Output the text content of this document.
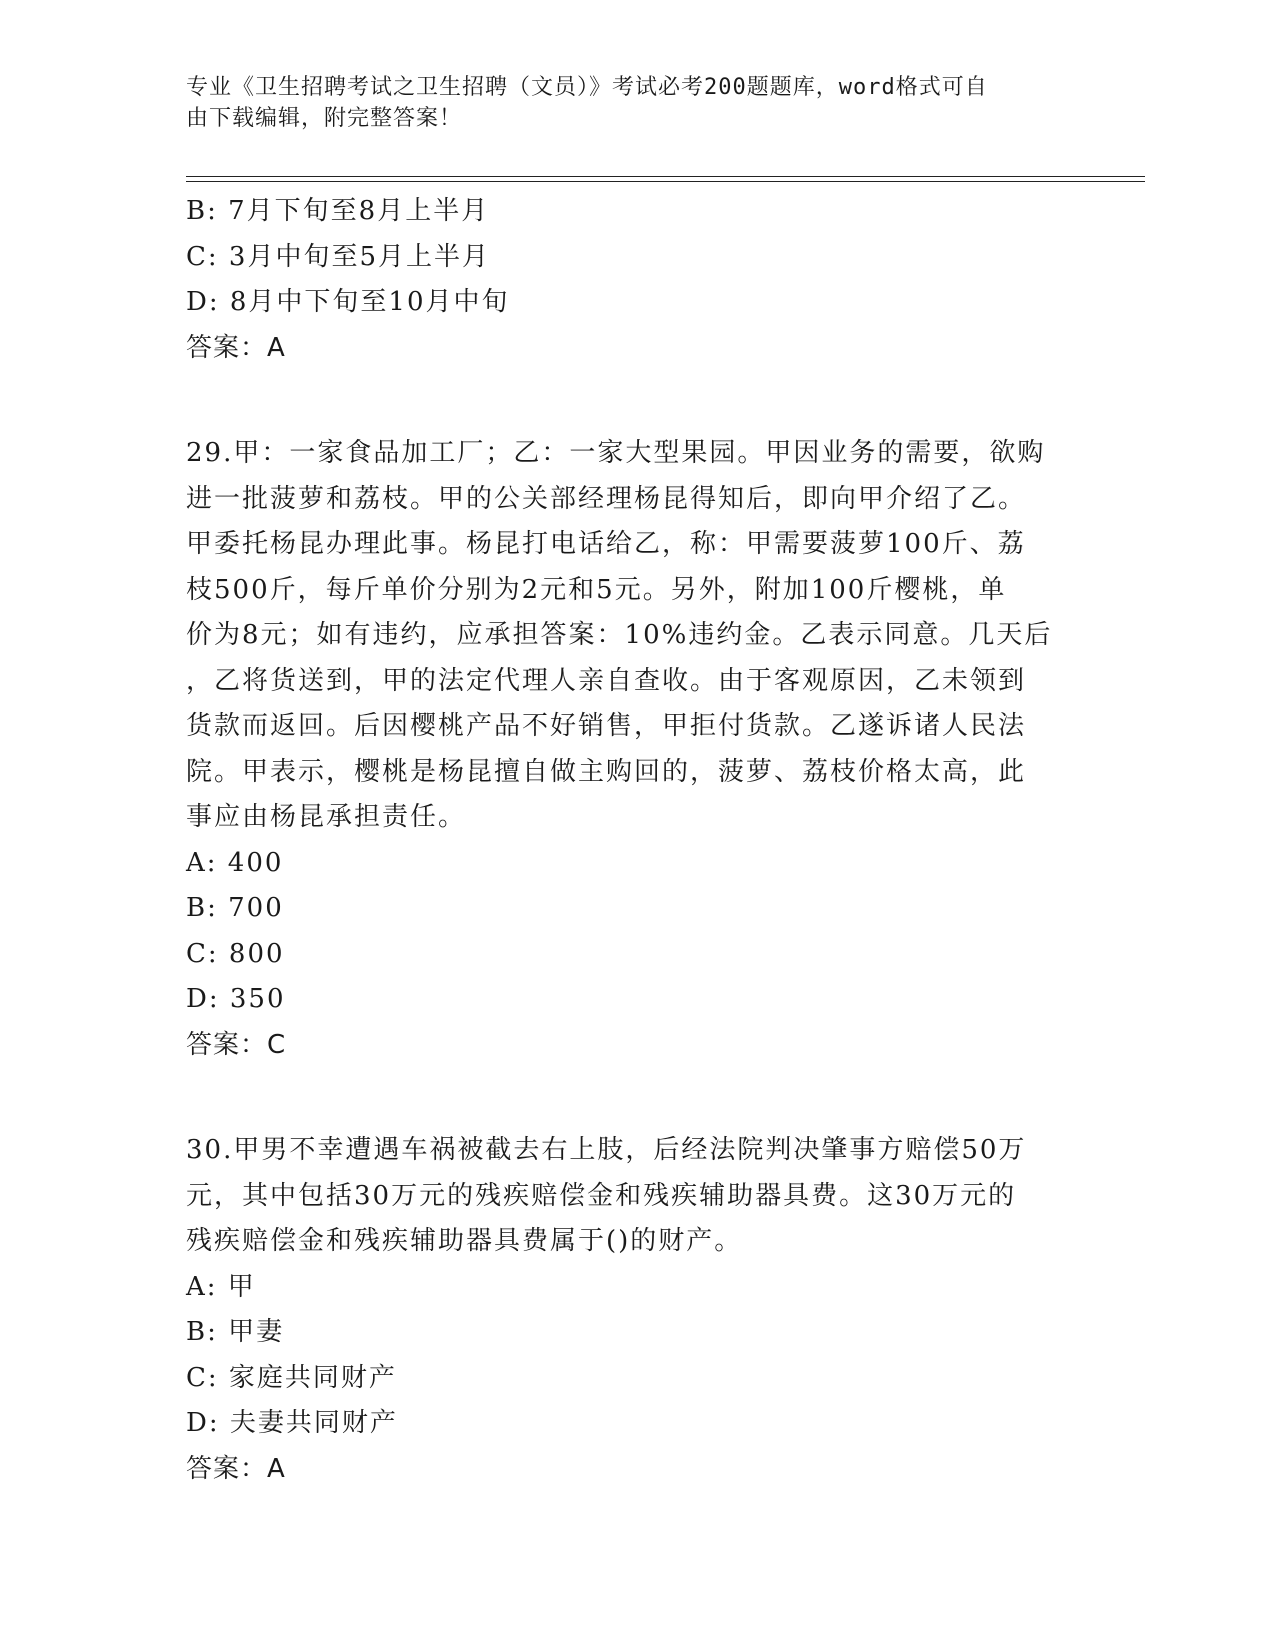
专业《卫生招聘考试之卫生招聘（文员）》考试必考200题题库，word格式可自
由下载编辑，附完整答案！
B: 7月下旬至8月上半月
C: 3月中旬至5月上半月
D: 8月中下旬至10月中旬
答案：A
29.甲：一家食品加工厂；乙：一家大型果园。甲因业务的需要，欲购
进一批菠萝和荔枝。甲的公关部经理杨昆得知后，即向甲介绍了乙。
甲委托杨昆办理此事。杨昆打电话给乙，称：甲需要菠萝100斤、荔
枝500斤，每斤单价分别为2元和5元。另外，附加100斤樱桃，单
价为8元；如有违约，应承担答案：10%违约金。乙表示同意。几天后
，乙将货送到，甲的法定代理人亲自查收。由于客观原因，乙未领到
货款而返回。后因樱桃产品不好销售，甲拒付货款。乙遂诉诸人民法
院。甲表示，樱桃是杨昆擅自做主购回的，菠萝、荔枝价格太高，此
事应由杨昆承担责任。
A: 400
B: 700
C: 800
D: 350
答案：C
30.甲男不幸遭遇车祸被截去右上肢，后经法院判决肇事方赔偿50万
元，其中包括30万元的残疾赔偿金和残疾辅助器具费。这30万元的
残疾赔偿金和残疾辅助器具费属于()的财产。
A: 甲
B: 甲妻
C: 家庭共同财产
D: 夫妻共同财产
答案：A
